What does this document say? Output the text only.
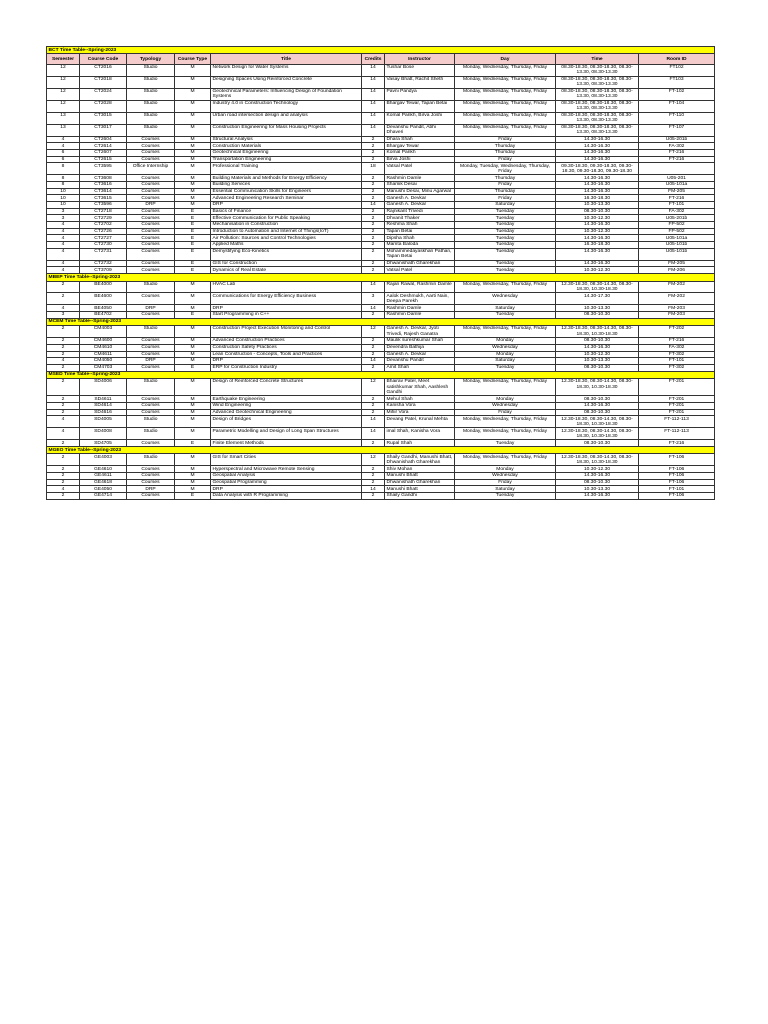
BCT Time Table--Spring-2023									
Semester	Course Code	Typology	Course Type	Title	Credits	Instructor	Day	Time	Room ID
12	CT2016	Studio	M	Network Design for Water Systems	14	Tushar Bose	Monday, Wednesday, Thursday, Friday	08.30-18.30, 08.30-18.30, 08.30-13.30, 08.30-13.30	FT102
12	CT2018	Studio	M	Designing Spaces Using Reinforced Concrete	14	Vasay Bhatt, Rachit Sheth	Monday, Wednesday, Thursday, Friday	08.30-18.30, 08.30-18.30, 08.30-13.30, 08.30-13.30	FT103
12	CT2024	Studio	M	Geotechnical Parameters: Influencing Design of Foundation Systems	14	Pavni Pandya	Monday, Wednesday, Thursday, Friday	08.30-18.30, 08.30-18.30, 08.30-13.30, 08.30-13.30	FT-102
12	CT2028	Studio	M	Industry 4.0 in Construction Technology	14	Bhargav Tewar, Tapan Betai	Monday, Wednesday, Thursday, Friday	08.30-18.30, 08.30-18.30, 08.30-13.30, 08.30-13.30	FT-104
13	CT3015	Studio	M	Urban road intersection design and analysis	14	Komal Parikh, Birva Joshi	Monday, Wednesday, Thursday, Friday	08.30-18.30, 08.30-18.30, 08.30-13.30, 08.30-13.30	FT-110
13	CT3017	Studio	M	Construction Engineering for Mass Housing Projects	14	Devanshu Pandit, Abhi Dhaveri	Monday, Wednesday, Thursday, Friday	08.30-18.30, 08.30-18.30, 08.30-13.30, 08.30-13.30	FT-107
4	CT2604	Courses	M	Structural Analysis	2	Dhara Shah	Friday	14.30-16.30	U05-201b
4	CT2614	Courses	M	Construction Materials	2	Bhargav Tewar	Thursday	14.30-16.30	FA-302
6	CT2607	Courses	M	Geotechnical Engineering	2	Komal Parikh	Thursday	14.30-16.30	FT-216
6	CT2615	Courses	M	Transportation Engineering	2	Birva Joshi	Friday	14.30-16.30	FT-216
8	CT3595	Office Internship	M	Professional Training	18	Vatsal Patel	Monday, Tuesday, Wednesday, Thursday, Friday	09.30-18.30, 09.30-18.30, 09.30-18.30, 09.30-18.30, 09.30-18.30	
8	CT3608	Courses	M	Building Materials and Methods for Energy Efficiency	2	Rashmin Damle	Thursday	14.30-16.30	U05-201
8	CT3616	Courses	M	Building Services	2	Shamik Desai	Friday	14.30-16.30	U05-101a
10	CT3614	Courses	M	Essential Communication Skills for Engineers	2	Manushi Desai, Minu Agarwal	Thursday	14.30-16.30	FM-205
10	CT3615	Courses	M	Advanced Engineering Research Seminar	2	Ganesh A. Devkar	Friday	16.30-18.30	FT-216
10	CT3596	DRP	M	DRP	14	Ganesh A. Devkar	Saturday	10.30-13.30	FT-101
3	CT2718	Courses	E	Basics of Finance	2	Rajnikant Trivedi	Tuesday	08.30-10.30	FA-302
3	CT2729	Courses	E	Effective Communication for Public Speaking	2	Dhvanit Thaker	Tuesday	10.30-12.30	U05-201b
4	CT2702	Courses	E	Mechanisation in Construction	2	Reshma Shah	Tuesday	14.30-16.30	FP-502
4	CT2726	Courses	E	Introduction to Automation and Internet of Things(IoT)	2	Tapan Betai	Tuesday	10.30-12.30	FP-502
4	CT2727	Courses	E	Air Pollution: Sources and Control Technologies	2	Dipsha Shah	Tuesday	14.30-16.30	U05-101a
4	CT2730	Courses	E	Applied Maths	2	Mamta Baloda	Tuesday	16.30-18.30	U05-101b
4	CT2731	Courses	E	Demystifying Eco-Kinetics	2	Mohammedayaskhan Pathan, Tapan Betai	Tuesday	14.30-16.30	U05-101b
4	CT2732	Courses	E	GIS for Construction	2	Dhwanishath Gharekhan	Tuesday	14.30-16.30	FM-205
4	CT3709	Courses	E	Dynamics of Real Estate	2	Vatsal Patel	Tuesday	10.30-12.30	FM-206
MBEP Time Table--Spring-2023									
2	BE4000	Studio	M	HVAC Lab	14	Rajan Rawal, Rashmin Damle	Monday, Wednesday, Thursday, Friday	12.30-18.30, 08.30-14.30, 08.30-18.30, 10.30-18.30	FM-202
2	BE4600	Courses	M	Communications for Energy Efficiency Business	3	Aalok Deshmukh, Aarti Nain, Deepa Parekh	Wednesday	14.30-17.30	FM-202
4	BE4050	DRP	M	DRP	14	Rashmin Damle	Saturday	10.30-13.30	FM-203
3	BE4702	Courses	E	Start Programming in C++	2	Rashmin Damle	Tuesday	08.30-10.30	FM-203
MCEM Time Table--Spring-2023									
2	CM4003	Studio	M	Construction Project Execution Monitoring and Control	12	Ganesh A. Devkar, Jyoti Trivedi, Rajesh Ganatra	Monday, Wednesday, Thursday, Friday	12.30-18.30, 08.30-14.30, 08.30-18.30, 10.30-18.30	FT-202
2	CM4600	Courses	M	Advanced Construction Practices	2	Maulik sureshkumar Shah	Monday	08.30-10.30	FT-216
2	CM4610	Courses	M	Construction Safety Practices	2	Devendra Bathija	Wednesday	14.30-16.30	FA-302
2	CM4611	Courses	M	Lean Construction - Concepts, Tools and Practices	2	Ganesh A. Devkar	Monday	10.30-12.30	FT-302
4	CM4050	DRP	M	DRP	14	Devanshu Pandit	Saturday	10.30-13.30	FT-101
2	CM4703	Courses	E	ERP for Construction Industry	2	Amit Shah	Tuesday	08.30-10.30	FT-302
MSED Time Table--Spring-2023									
2	SD4006	Studio	M	Design of Reinforced Concrete Structures	12	Bhairav Patel, Meet satishkumar Shah, Aashlesh Gandhi	Monday, Wednesday, Thursday, Friday	12.30-18.30, 08.30-14.30, 08.30-18.30, 10.30-18.30	FT-201
2	SD4611	Courses	M	Earthquake Engineering	2	Mehul Shah	Monday	08.30-10.30	FT-201
2	SD4614	Courses	M	Wind Engineering	2	Kanisha Vora	Wednesday	14.30-16.30	FT-201
2	SD4616	Courses	M	Advanced Geotechnical Engineering	2	Mihir Vora	Friday	08.30-10.30	FT-201
4	SD4005	Studio	M	Design of Bridges	14	Devang Patel, Krunal Mehta	Monday, Wednesday, Thursday, Friday	12.30-18.30, 08.30-14.30, 08.30-18.30, 10.30-18.30	FT-112-113
4	SD4008	Studio	M	Parametric Modelling and Design of Long Span Structures	14	imal Shah, Kanisha Vora	Monday, Wednesday, Thursday, Friday	12.30-18.30, 08.30-14.30, 08.30-18.30, 10.30-18.30	FT-112-113
2	SD4705	Courses	E	Finite Element Methods	2	Rupal Shah	Tuesday	08.30-10.30	FT-216
MGEO Time Table--Spring-2023									
2	GE4003	Studio	M	GIS for Smart Cities	12	Shaily Gandhi, Manushi Bhatt, Dhwanishath Gharekhan	Monday, Wednesday, Thursday, Friday	12.30-18.30, 08.30-14.30, 08.30-18.30, 10.30-18.30	FT-106
2	GE4610	Courses	M	Hyperspectral and Microwave Remote Sensing	2	Shiv Mohan	Monday	10.30-12.30	FT-106
2	GE4611	Courses	M	Geospatial Analysis	2	Manushi Bhatt	Wednesday	14.30-16.30	FT-106
2	GE4618	Courses	M	Geospatial Programming	2	Dhwanishath Gharekhan	Friday	08.30-10.30	FT-106
4	GE4050	DRP	M	DRP	14	Manushi Bhatt	Saturday	10.30-13.30	FT-101
2	GE4714	Courses	E	Data Analysis with R Programming	2	Shaily Gandhi	Tuesday	14.30-16.30	FT-106
